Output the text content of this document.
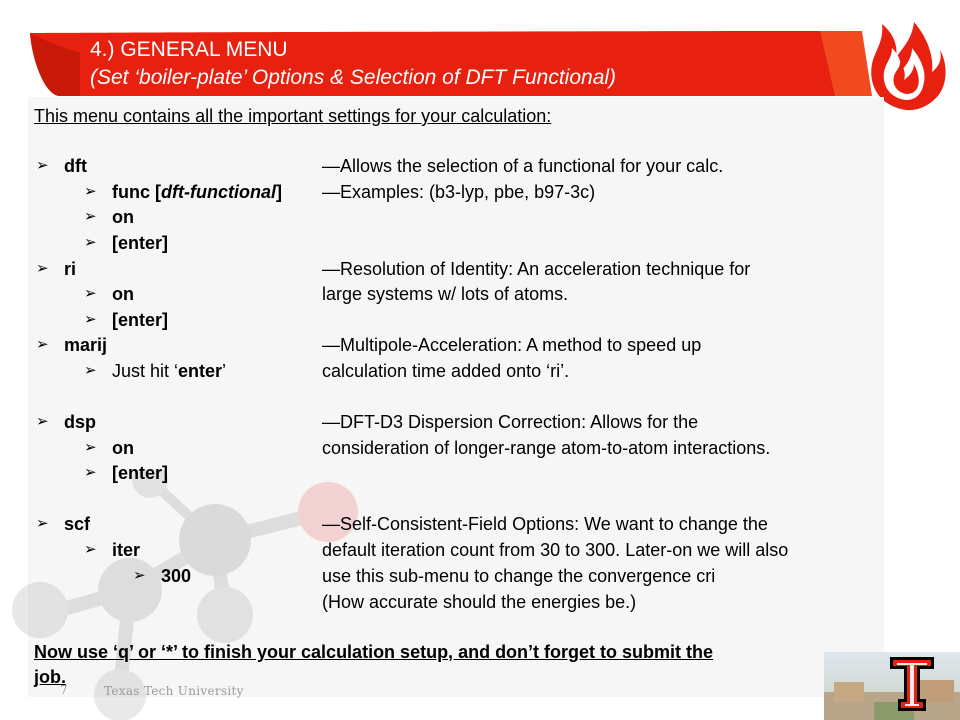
4.) GENERAL MENU
(Set ‘boiler-plate’ Options & Selection of DFT Functional)
7	Texas Tech University
This menu contains all the important settings for your calculation:
➢ dft	—Allows the selection of a functional for your calc.
➢ func [dft-functional] —Examples: (b3-lyp, pbe, b97-3c)
➢ on
➢ [enter]
➢ ri	—Resolution of Identity: An acceleration technique for
➢ on	large systems w/ lots of atoms.
➢ [enter]
➢ marij	—Multipole-Acceleration: A method to speed up
➢ Just hit ‘enter’	calculation time added onto ‘ri’.
➢ dsp	—DFT-D3 Dispersion Correction: Allows for the
➢ on	consideration of longer-range atom-to-atom interactions.
➢ [enter]
➢ scf	—Self-Consistent-Field Options: We want to change the
➢ iter	default iteration count from 30 to 300. Later-on we will also
➢ 300	use this sub-menu to change the convergence cri
(How accurate should the energies be.)
Now use ‘q’ or ‘*’ to finish your calculation setup, and don’t forget to submit the
job.
